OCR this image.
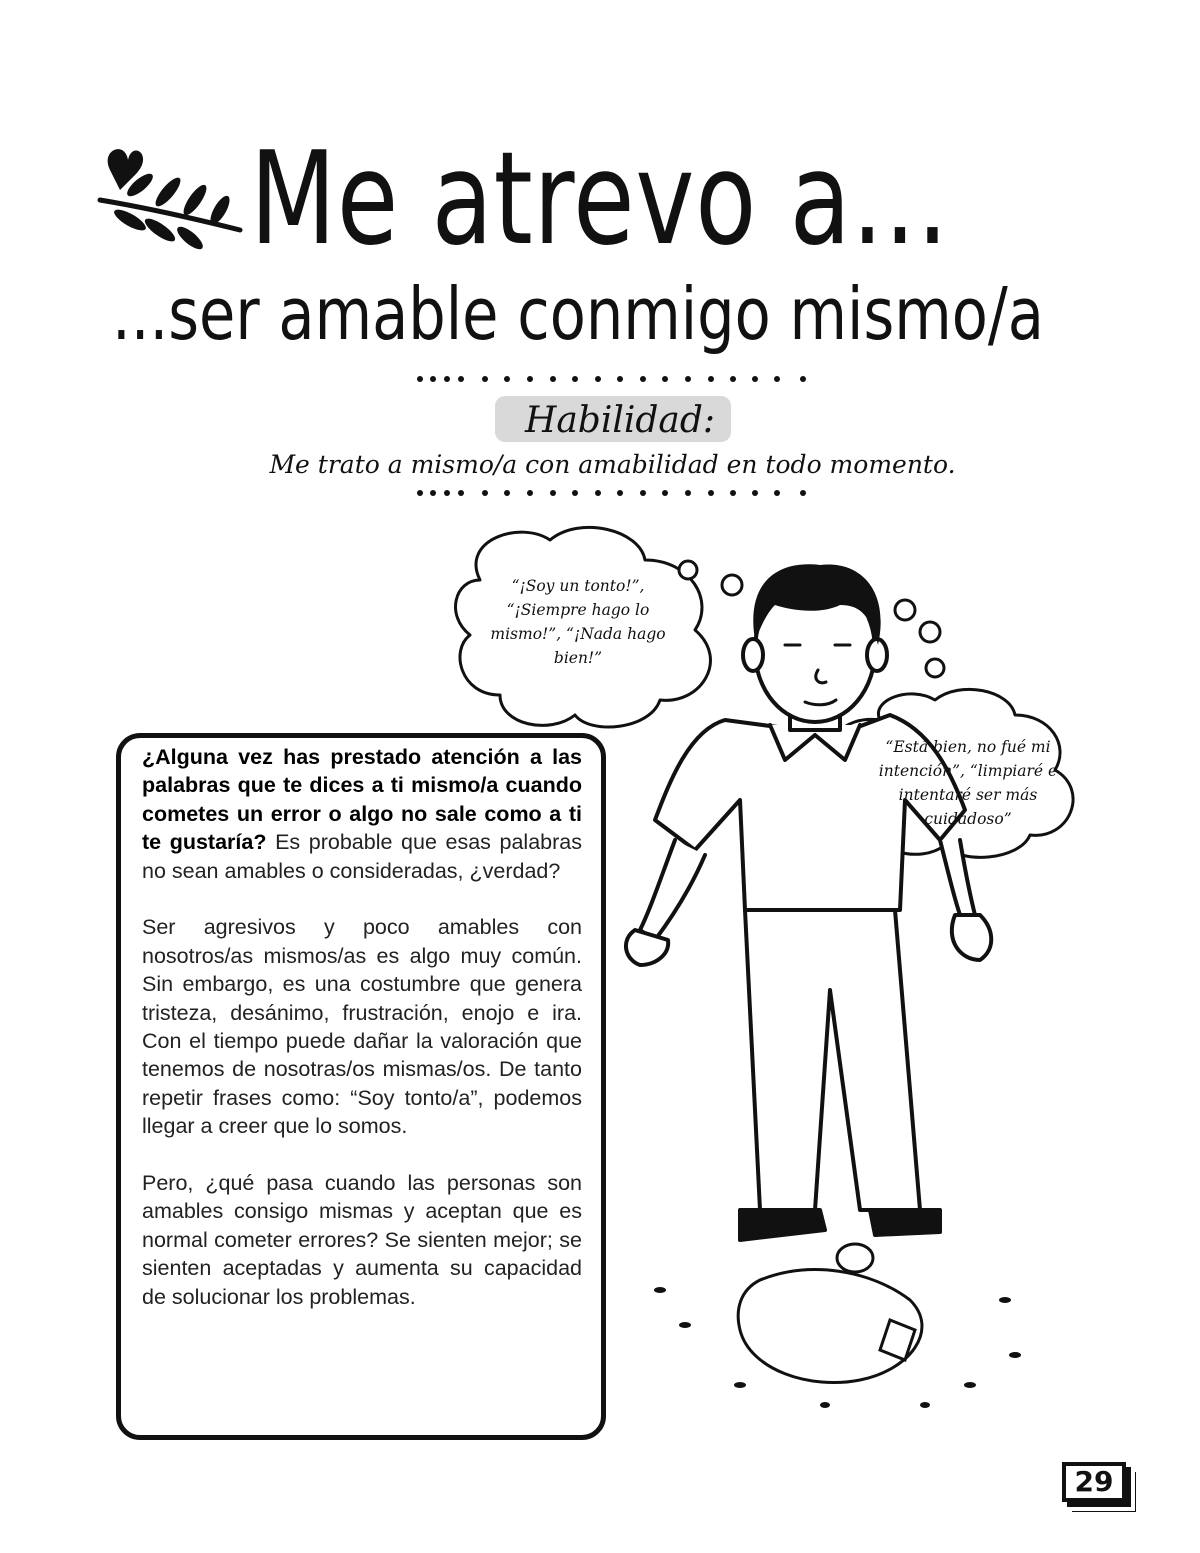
Me atrevo a...
...ser amable conmigo mismo/a
Habilidad:
Me trato a mismo/a con amabilidad en todo momento.
“¡Soy un tonto!”, “¡Siempre hago lo mismo!”, “¡Nada hago bien!”
“Está bien, no fué mi intención”, “limpiaré e intentaré ser más cuidadoso”

¿Alguna vez has prestado atención a las palabras que te dices a ti mismo/a cuando cometes un error o algo no sale como a ti te gustaría? Es probable que esas palabras no sean amables o consideradas, ¿verdad?

Ser agresivos y poco amables con nosotros/as mismos/as es algo muy común. Sin embargo, es una costumbre que genera tristeza, desánimo, frustración, enojo e ira. Con el tiempo puede dañar la valoración que tenemos de nosotras/os mismas/os. De tanto repetir frases como: “Soy tonto/a”, podemos llegar a creer que lo somos.

Pero, ¿qué pasa cuando las personas son amables consigo mismas y aceptan que es normal cometer errores? Se sienten mejor; se sienten aceptadas y aumenta su capacidad de solucionar los problemas.

29
